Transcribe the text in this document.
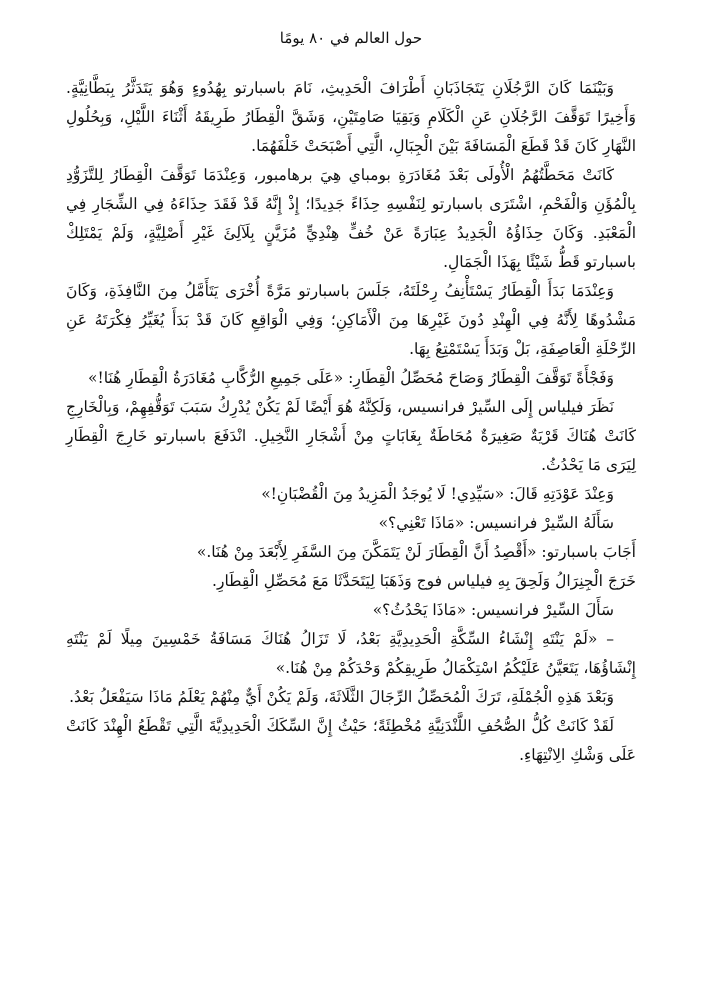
حول العالم في ٨٠ يومًا

وَبَيْنَمَا كَانَ الرَّجُلَانِ يَتَجَاذَبَانِ أَطْرَافَ الْحَدِيثِ، نَامَ باسبارتو بِهُدُوءٍ وَهُوَ يَتَدَثَّرُ بِبَطَّانِيَّةٍ. وَأَخِيرًا تَوَقَّفَ الرَّجُلَانِ عَنِ الْكَلَامِ وَبَقِيَا صَامِتَيْنِ، وَشَقَّ الْقِطَارُ طَرِيقَهُ أَثْنَاءَ اللَّيْلِ، وَبِحُلُولِ النَّهَارِ كَانَ قَدْ قَطَعَ الْمَسَافَةَ بَيْنَ الْجِبَالِ، الَّتِي أَصْبَحَتْ خَلْفَهُمَا.

كَانَتْ مَحَطَّتُهُمُ الْأُولَى بَعْدَ مُغَادَرَةِ بومباي هِيَ برهامبور، وَعِنْدَمَا تَوَقَّفَ الْقِطَارُ لِلتَّزَوُّدِ بِالْمُؤَنِ وَالْفَحْمِ، اشْتَرَى باسبارتو لِنَفْسِهِ حِذَاءً جَدِيدًا؛ إِذْ إِنَّهُ قَدْ فَقَدَ حِذَاءَهُ فِي الشِّجَارِ فِي الْمَعْبَدِ. وَكَانَ حِذَاؤُهُ الْجَدِيدُ عِبَارَةً عَنْ خُفٍّ هِنْدِيٍّ مُزَيَّنٍ بِلَآلِئَ غَيْرِ أَصْلِيَّةٍ، وَلَمْ يَمْتَلِكْ باسبارتو قَطُّ شَيْئًا بِهَذَا الْجَمَالِ.

وَعِنْدَمَا بَدَأَ الْقِطَارُ يَسْتَأْنِفُ رِحْلَتَهُ، جَلَسَ باسبارتو مَرَّةً أُخْرَى يَتَأَمَّلُ مِنَ النَّافِذَةِ، وَكَانَ مَشْدُوهًا لِأَنَّهُ فِي الْهِنْدِ دُونَ غَيْرِهَا مِنَ الْأَمَاكِنِ؛ وَفِي الْوَاقِعِ كَانَ قَدْ بَدَأَ يُغَيِّرُ فِكْرَتَهُ عَنِ الرِّحْلَةِ الْعَاصِفَةِ، بَلْ وَبَدَأَ يَسْتَمْتِعُ بِهَا.

وَفَجْأَةً تَوَقَّفَ الْقِطَارُ وَصَاحَ مُحَصِّلُ الْقِطَارِ: «عَلَى جَمِيعِ الرُّكَّابِ مُغَادَرَةُ الْقِطَارِ هُنَا!»

نَظَرَ فيلياس إِلَى السِّيرْ فرانسيس، وَلَكِنَّهُ هُوَ أَيْضًا لَمْ يَكُنْ يُدْرِكُ سَبَبَ تَوَقُّفِهِمْ، وَبِالْخَارِجِ كَانَتْ هُنَاكَ قَرْيَةٌ صَغِيرَةٌ مُحَاطَةٌ بِغَابَاتٍ مِنْ أَشْجَارِ النَّخِيلِ. انْدَفَعَ باسبارتو خَارِجَ الْقِطَارِ لِيَرَى مَا يَحْدُثُ.

وَعِنْدَ عَوْدَتِهِ قَالَ: «سَيِّدِي! لَا يُوجَدُ الْمَزِيدُ مِنَ الْقُضْبَانِ!»

سَأَلَهُ السِّيرْ فرانسيس: «مَاذَا تَعْنِي؟»

أَجَابَ باسبارتو: «أَقْصِدُ أَنَّ الْقِطَارَ لَنْ يَتَمَكَّنَ مِنَ السَّفَرِ لِأَبْعَدَ مِنْ هُنَا.»

خَرَجَ الْجِنِرَالُ وَلَحِقَ بِهِ فيلياس فوج وَذَهَبَا لِيَتَحَدَّثَا مَعَ مُحَصِّلِ الْقِطَارِ.

سَأَلَ السِّيرْ فرانسيس: «مَاذَا يَحْدُثُ؟»

– «لَمْ يَنْتَهِ إِنْشَاءُ السِّكَّةِ الْحَدِيدِيَّةِ بَعْدُ، لَا تَزَالُ هُنَاكَ مَسَافَةُ خَمْسِينَ مِيلًا لَمْ يَنْتَهِ إِنْشَاؤُهَا، يَتَعَيَّنُ عَلَيْكُمُ اسْتِكْمَالُ طَرِيقِكُمْ وَحْدَكُمْ مِنْ هُنَا.»

وَبَعْدَ هَذِهِ الْجُمْلَةِ، تَرَكَ الْمُحَصِّلُ الرِّجَالَ الثَّلَاثَةَ، وَلَمْ يَكُنْ أَيٌّ مِنْهُمْ يَعْلَمُ مَاذَا سَيَفْعَلُ بَعْدُ.

لَقَدْ كَانَتْ كُلُّ الصُّحُفِ اللَّنْدَنِيَّةِ مُخْطِئَةً؛ حَيْثُ إِنَّ السِّكَكَ الْحَدِيدِيَّةَ الَّتِي تَقْطَعُ الْهِنْدَ كَانَتْ عَلَى وَشْكِ الِانْتِهَاءِ.
